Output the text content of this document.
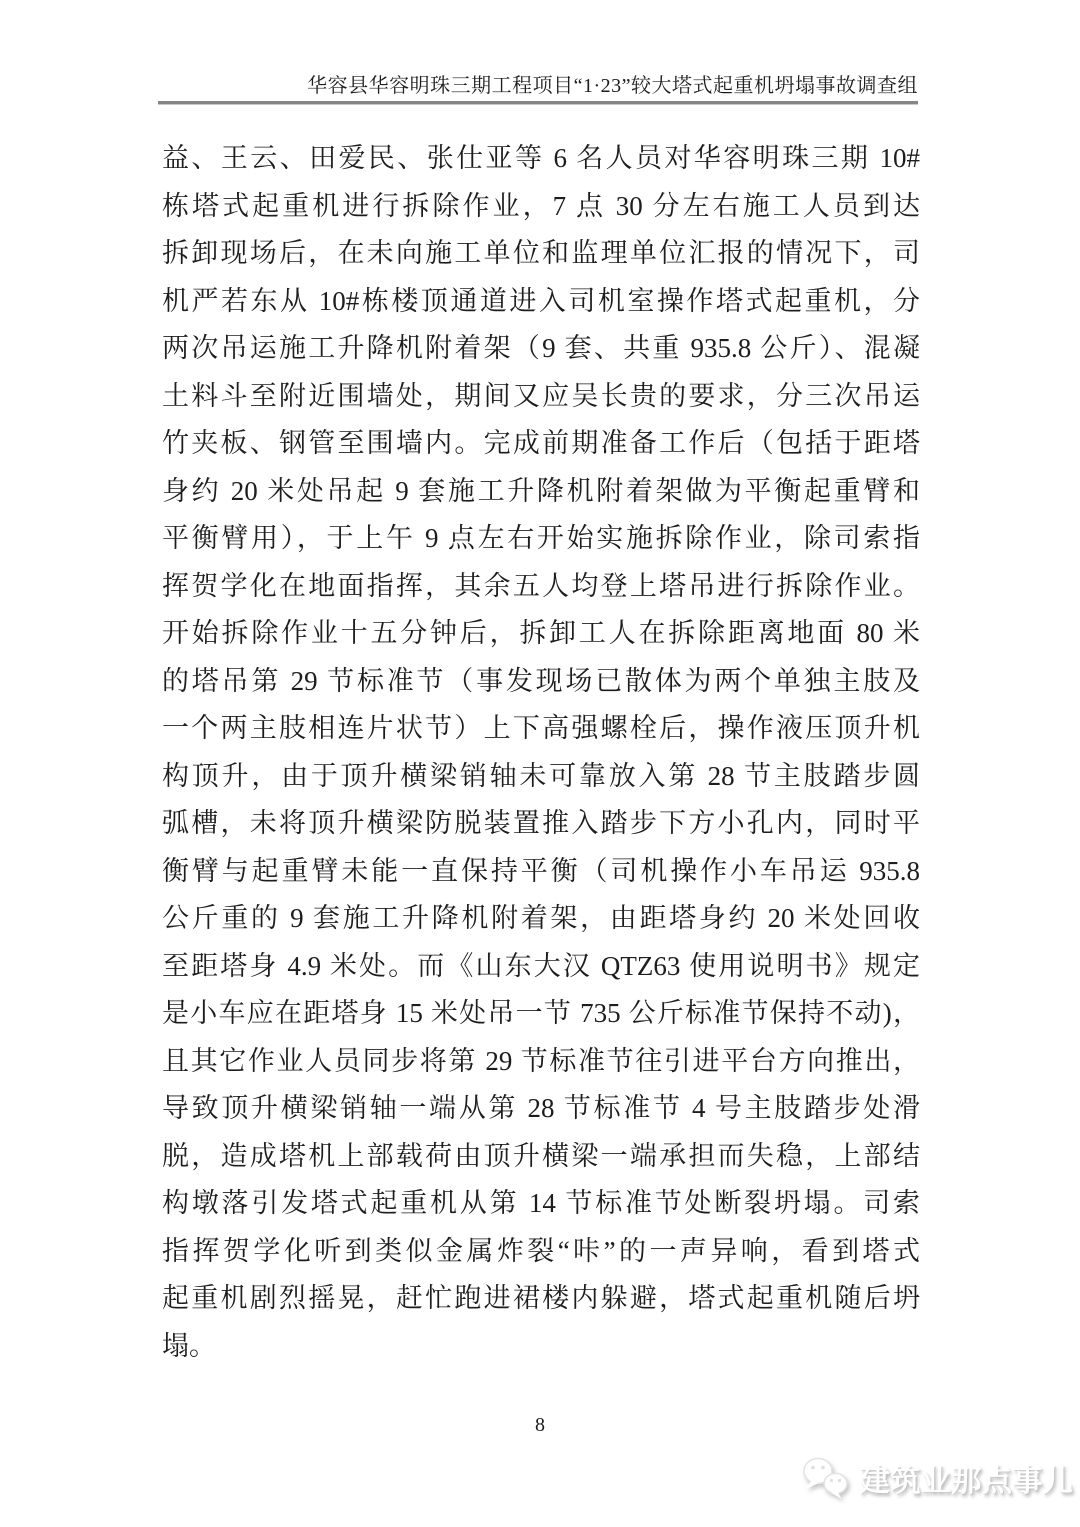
华容县华容明珠三期工程项目“1·23”较大塔式起重机坍塌事故调查组
益、王云、田爱民、张仕亚等 6 名人员对华容明珠三期 10#
栋塔式起重机进行拆除作业，7 点 30 分左右施工人员到达
拆卸现场后，在未向施工单位和监理单位汇报的情况下，司
机严若东从 10#栋楼顶通道进入司机室操作塔式起重机，分
两次吊运施工升降机附着架（9 套、共重 935.8 公斤）、混凝
土料斗至附近围墙处，期间又应吴长贵的要求，分三次吊运
竹夹板、钢管至围墙内。完成前期准备工作后（包括于距塔
身约 20 米处吊起 9 套施工升降机附着架做为平衡起重臂和
平衡臂用），于上午 9 点左右开始实施拆除作业，除司索指
挥贺学化在地面指挥，其余五人均登上塔吊进行拆除作业。
开始拆除作业十五分钟后，拆卸工人在拆除距离地面 80 米
的塔吊第 29 节标准节（事发现场已散体为两个单独主肢及
一个两主肢相连片状节）上下高强螺栓后，操作液压顶升机
构顶升，由于顶升横梁销轴未可靠放入第 28 节主肢踏步圆
弧槽，未将顶升横梁防脱装置推入踏步下方小孔内，同时平
衡臂与起重臂未能一直保持平衡（司机操作小车吊运 935.8
公斤重的 9 套施工升降机附着架，由距塔身约 20 米处回收
至距塔身 4.9 米处。而《山东大汉 QTZ63 使用说明书》规定
是小车应在距塔身 15 米处吊一节 735 公斤标准节保持不动)，
且其它作业人员同步将第 29 节标准节往引进平台方向推出，
导致顶升横梁销轴一端从第 28 节标准节 4 号主肢踏步处滑
脱，造成塔机上部载荷由顶升横梁一端承担而失稳，上部结
构墩落引发塔式起重机从第 14 节标准节处断裂坍塌。司索
指挥贺学化听到类似金属炸裂“咔”的一声异响，看到塔式
起重机剧烈摇晃，赶忙跑进裙楼内躲避，塔式起重机随后坍
塌。
8
建筑业那点事儿
